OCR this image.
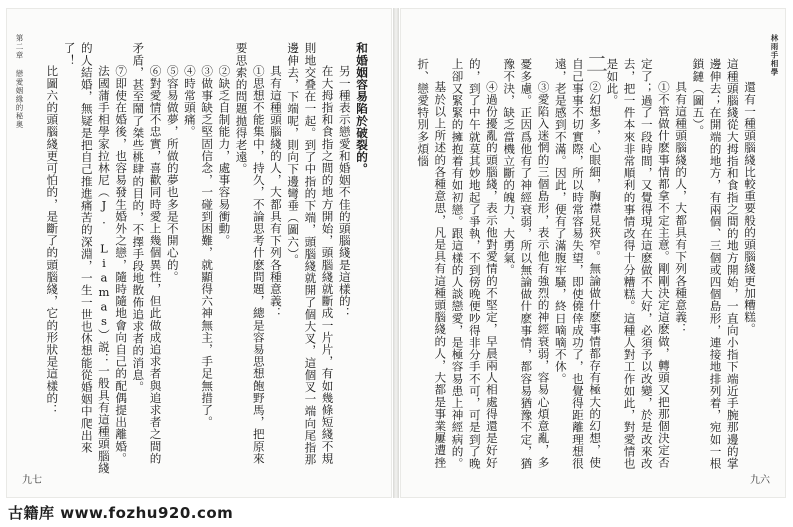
第二章 戀愛姻緣的秘奥	和婚姻容易陷於破裂的。

另一種表示戀愛和婚姻不佳的頭腦綫是這樣的：

在大拇指和食指之間的地方開始，頭腦綫就斷成一片片，有如幾條短綫不規則地交叠在一起。到了中指的下端，頭腦綫就開了個大叉，這個叉一端向尾指那邊伸去，下端呢，則向下邊彎垂（圖六）。

具有這種頭腦綫的人，大都具有下列各種意義：

①思想不能集中，持久，不論思考什麽問題，總是容易思想飽野馬，把原來要思索的問題拋得老遠。

②缺乏自制能力，處事容易衝動。

③做事缺乏堅固信念，一碰到困難，就顯得六神無主，手足無措了。

④時常頭痛。

⑤容易做夢，所做的夢也多是不開心的。

⑥對愛情不忠實，喜歡同時愛上幾個異性，但此做成追求者與追求者之間的矛盾，甚至鬧了桀些桃肆的目的，不擇手段地散佈追求者的消息。

⑦即使在婚後，也容易發生婚外之戀，隨時隨地會向自己的配偶提出離婚。

法國蒲手相學家拉林尼（J. Liamas）説：一般具有這種頭腦綫的人結婚，無疑是把自己推進痛苦的深淵，一生一世也休想能從婚姻中爬出來了！

比圖六的頭腦綫更可怕的，是斷了的頭腦綫，它的形狀是這樣的：

九七
林雨手相學
二

還有一種頭腦綫比較重要般的頭腦綫更加糟糕。

這種頭腦綫從大拇指和食指之間的地方開始，一直向小指下端近手腕那邊的掌邊伸去；在開端的地方，有兩個、三個或四個島形，連接地排列着，宛如一根鎖鏈（圖五）。

具有這種頭腦綫的人，大都具有下列各種意義：

①不管做什麽事情都拿不定主意。剛剛決定這麽做，轉頭又把那個決定否定了；過了一段時間，又覺得現在這麽做不大好，必須予以改變，於是改來改去，把一件本來非常順利的事情改得十分糟糕。這種人對工作如此，對愛情也是如此。

②幻想多，心眼細，胸襟見狹窄。無論做什麽事情都存有極大的幻想，使自己事事不切實際，所以時常容易失望，即使僥倖成功了，也覺得距離理想很遠，老是感到不滿。因此，便有了滿腹牢騷，終日嘀嘀不休。

③愛陷入迷惘的三個島形，表示他有強烈的神經衰弱，容易心煩意亂，多憂多慮。正因爲他有了神經衰弱，所以無論做什麽事情，都容易猶豫不定，猶豫不決，缺乏當機立斷的魄力、大勇氣。

④過份擾亂的頭腦綫，表示他對愛情的不堅定，早晨兩人相處得還是好好的，到了中午就莫其妙地起了爭執，不到傍晚便吵得非分手不可，可是到了晚上卻又緊緊的擁抱着有如初戀。跟這樣的人談戀愛，是極容易患上神經病的。

基於以上所述的各種意思，凡是具有這種頭腦綫的人，大都是事業屢遭挫折、戀愛特別多煩惱

九六
古籍库 www.fozhu920.com
